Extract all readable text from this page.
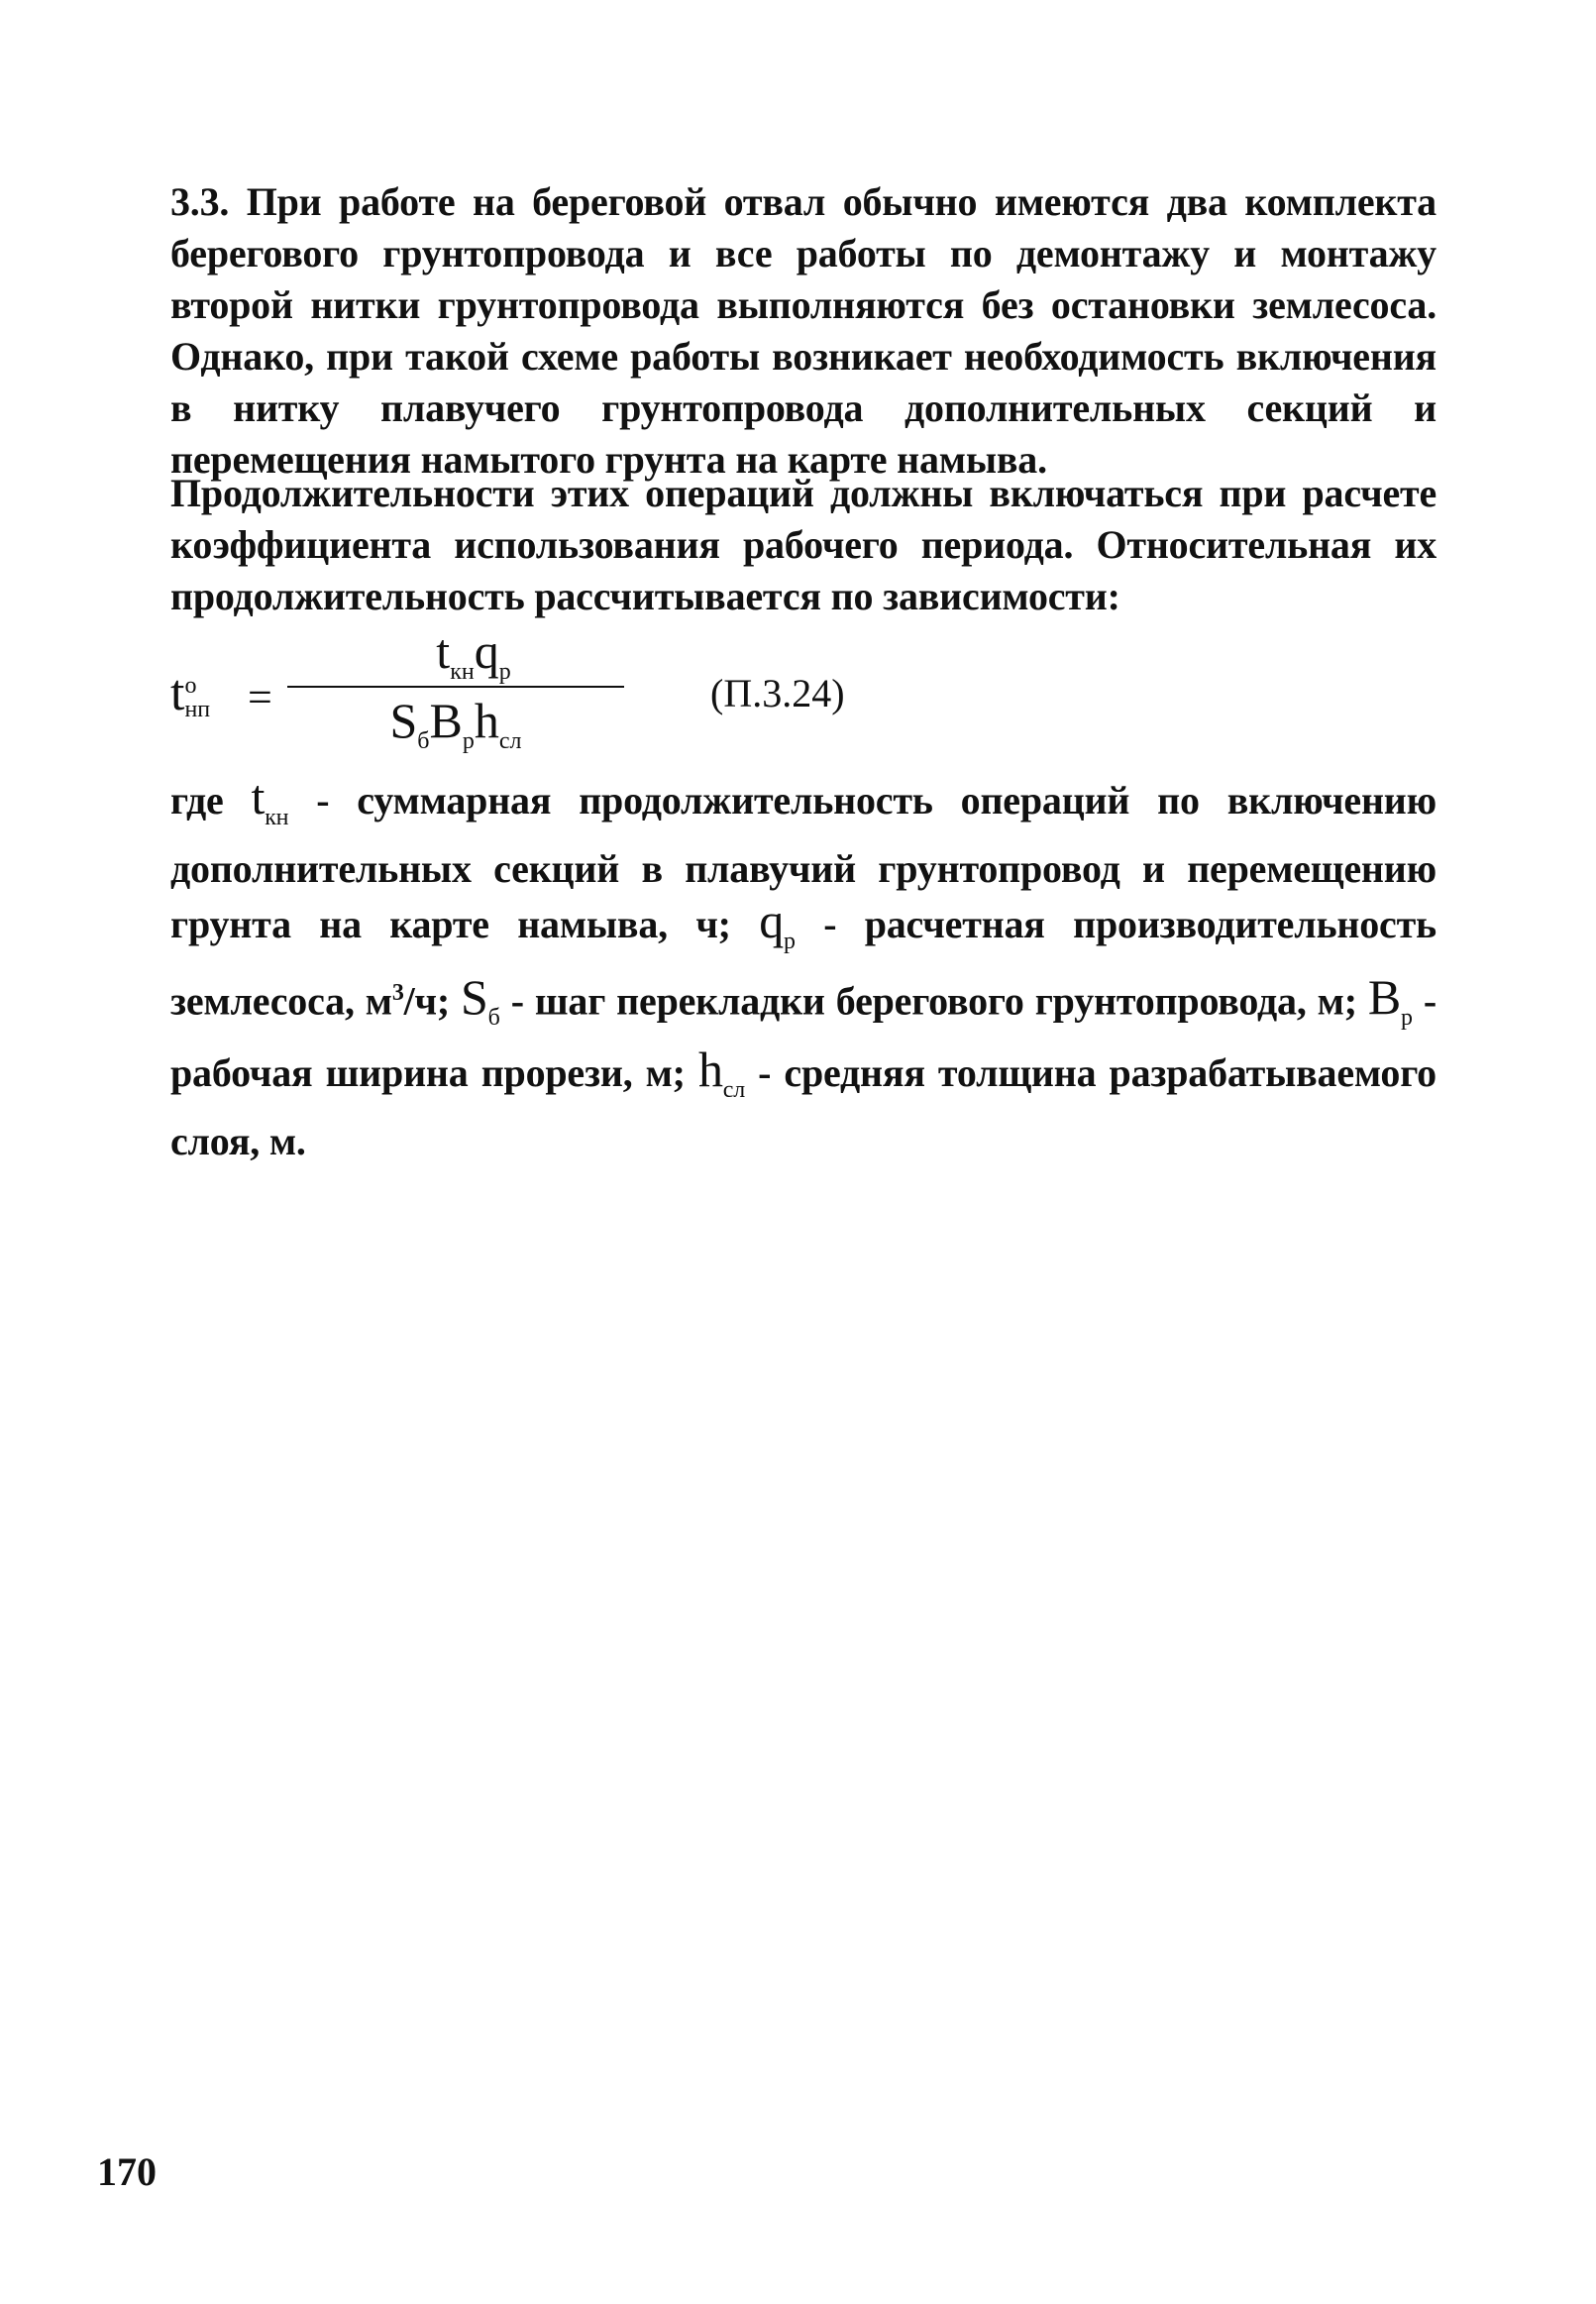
3.3. При работе на береговой отвал обычно имеются два комплекта берегового грунтопровода и все работы по демонтажу и монтажу второй нитки грунтопровода выполняются без остановки землесоса. Однако, при такой схеме работы возникает необходимость включения в нитку плавучего грунтопровода дополнительных секций и перемещения намытого грунта на карте намыва.
Продолжительности этих операций должны включаться при расчете коэффициента использования рабочего периода. Относительная их продолжительность рассчитывается по зависимости:
t о
нп =
$t_{кн}q_р$
$S_бB_рh_{сл}$
(П.3.24)
где $t_{кн}$ - суммарная продолжительность операций по включению дополнительных секций в плавучий грунтопровод и перемещению грунта на карте намыва, ч; $q_р$ - расчетная производительность землесоса, $м^3/ч$; $S_б$ - шаг перекладки берегового грунтопровода, м; $B_р$ - рабочая ширина прорези, м; $h_{сл}$ - средняя толщина разрабатываемого слоя, м.
170
